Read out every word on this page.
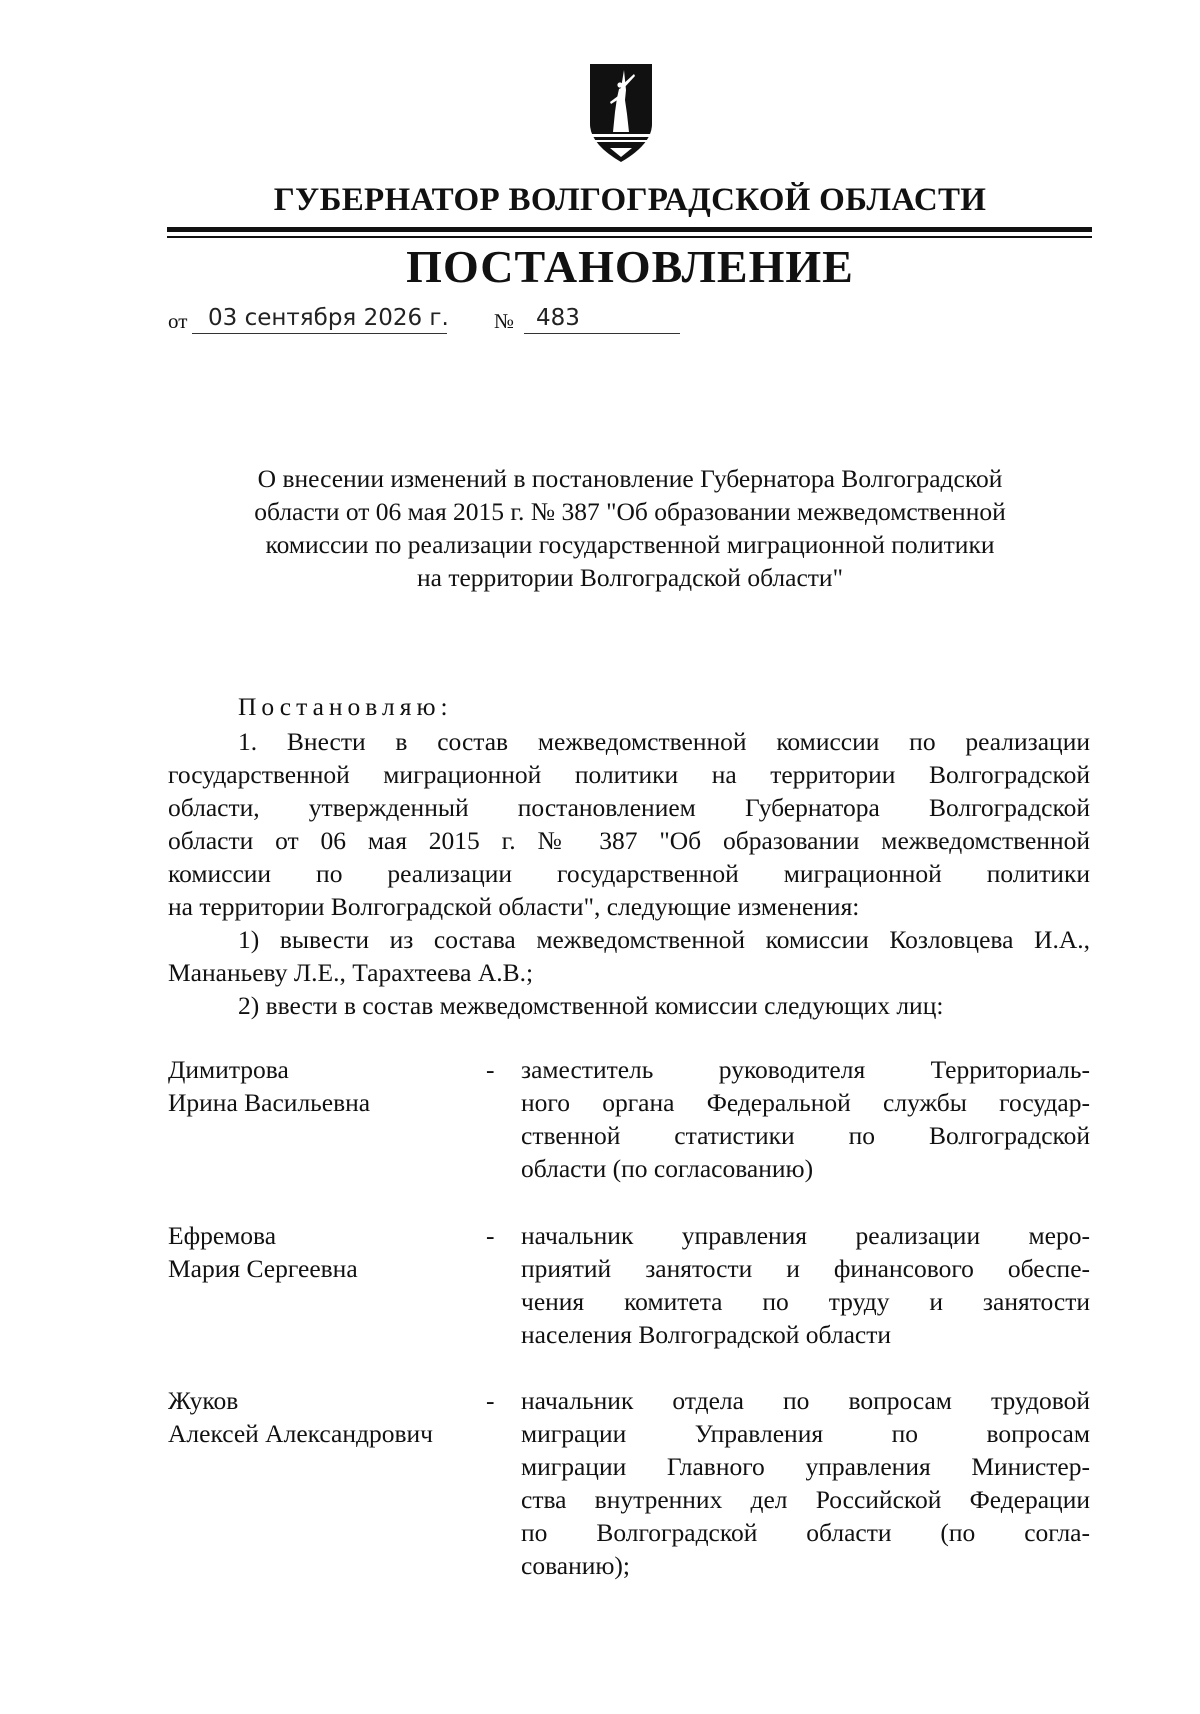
ГУБЕРНАТОР ВОЛГОГРАДСКОЙ ОБЛАСТИ
ПОСТАНОВЛЕНИЕ
от 03 сентября 2026 г. № 483
О внесении изменений в постановление Губернатора Волгоградской
области от 06 мая 2015 г. № 387 "Об образовании межведомственной
комиссии по реализации государственной миграционной политики
на территории Волгоградской области"
Постановляю:
1. Внести в состав межведомственной комиссии по реализации
государственной миграционной политики на территории Волгоградской
области, утвержденный постановлением Губернатора Волгоградской
области от 06 мая 2015 г. № 387 "Об образовании межведомственной
комиссии по реализации государственной миграционной политики
на территории Волгоградской области", следующие изменения:
1) вывести из состава межведомственной комиссии Козловцева И.А.,
Мананьеву Л.Е., Тарахтеева А.В.;
2) ввести в состав межведомственной комиссии следующих лиц:
Димитрова
Ирина Васильевна
- заместитель руководителя Территориаль-
ного органа Федеральной службы государ-
ственной статистики по Волгоградской
области (по согласованию)
Ефремова
Мария Сергеевна
- начальник управления реализации меро-
приятий занятости и финансового обеспе-
чения комитета по труду и занятости
населения Волгоградской области
Жуков
Алексей Александрович
- начальник отдела по вопросам трудовой
миграции Управления по вопросам
миграции Главного управления Министер-
ства внутренних дел Российской Федерации
по Волгоградской области (по согла-
сованию);
